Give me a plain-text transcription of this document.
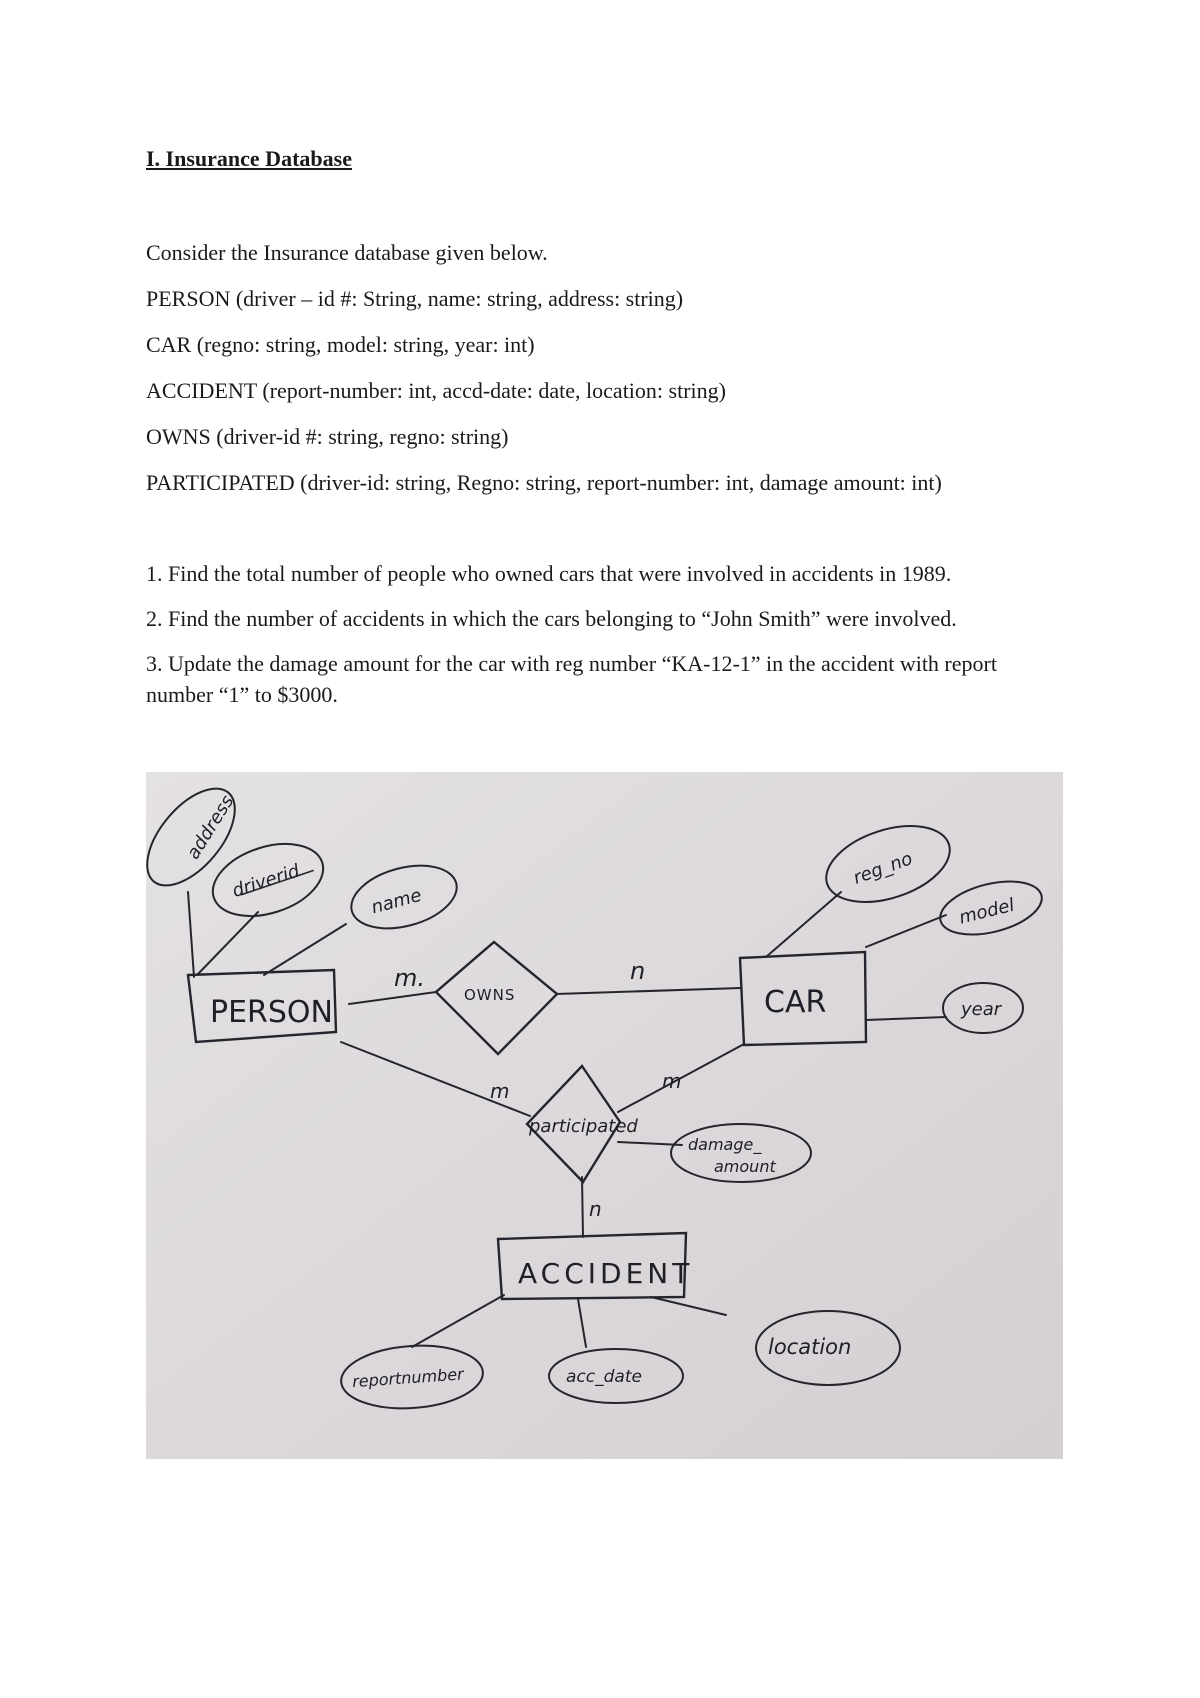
I. Insurance Database

Consider the Insurance database given below.

PERSON (driver – id #: String, name: string, address: string)

CAR (regno: string, model: string, year: int)

ACCIDENT (report-number: int, accd-date: date, location: string)

OWNS (driver-id #: string, regno: string)

PARTICIPATED (driver-id: string, Regno: string, report-number: int, damage amount: int)

1. Find the total number of people who owned cars that were involved in accidents in 1989.

2. Find the number of accidents in which the cars belonging to “John Smith” were involved.

3. Update the damage amount for the car with reg number “KA-12-1” in the accident with report number “1” to $3000.

PERSON	CAR
ACCIDENT
OWNS
participated
address
driverid	name
reg_no
model
year
damage_
amount
reportnumber	acc_date
location
m.	n
m	m
n
